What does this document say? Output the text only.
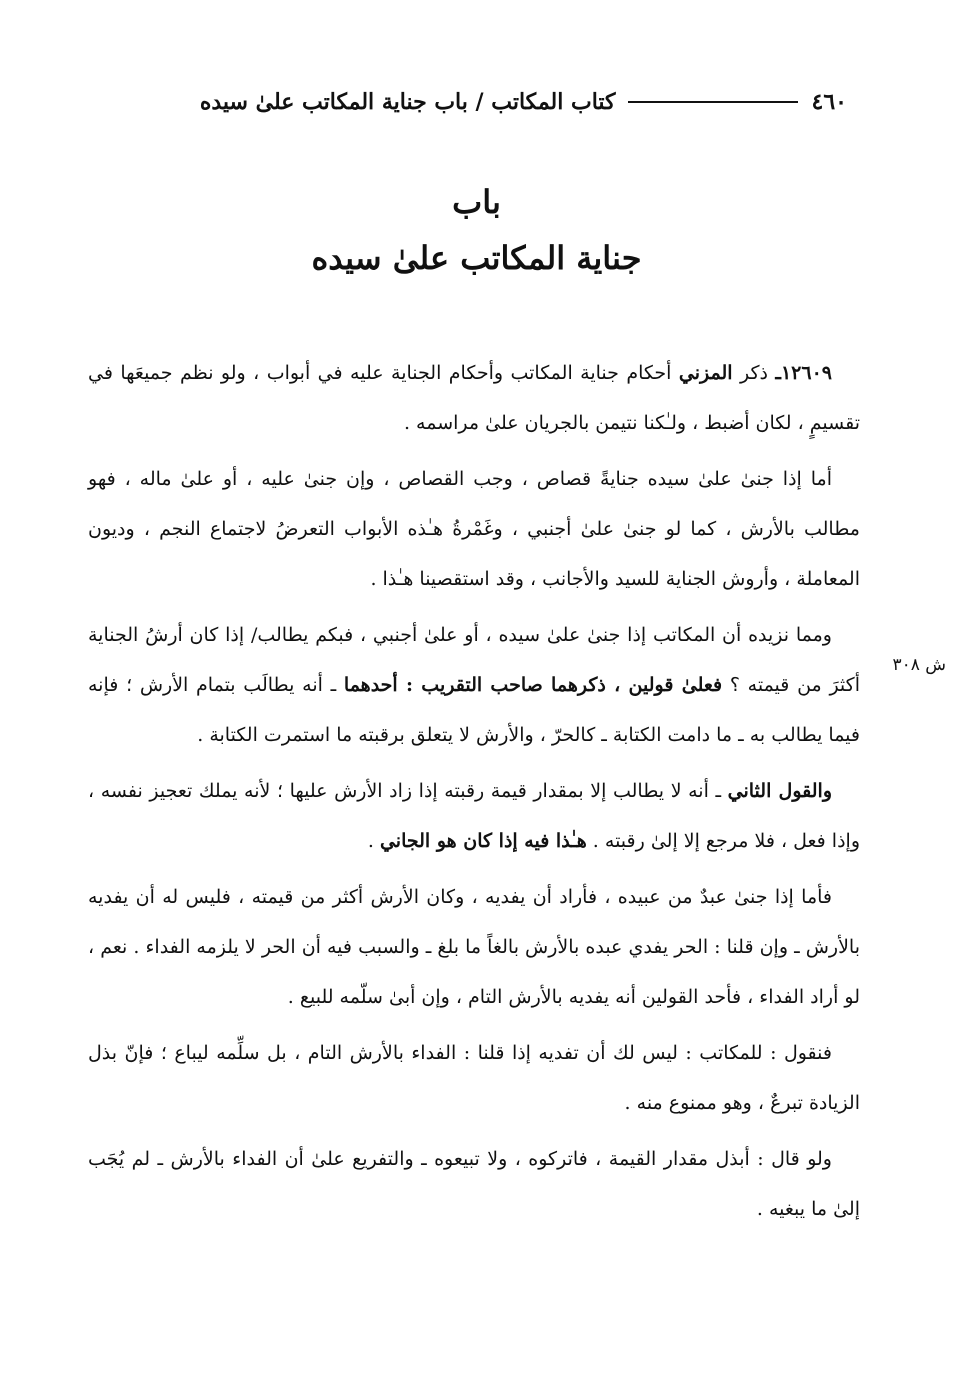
٤٦٠
كتاب المكاتب / باب جناية المكاتب علىٰ سيده
باب
جناية المكاتب علىٰ سيده
ش ٣٠٨

١٢٦٠٩ـ ذكر المزني أحكام جناية المكاتب وأحكام الجناية عليه في أبواب ، ولو نظم جميعَها في تقسيمٍ ، لكان أضبط ، ولـٰكنا نتيمن بالجريان علىٰ مراسمه .

أما إذا جنىٰ علىٰ سيده جنايةً قصاص ، وجب القصاص ، وإن جنىٰ عليه ، أو علىٰ ماله ، فهو مطالب بالأرش ، كما لو جنىٰ علىٰ أجنبي ، وغَمْرةُ هـٰذه الأبواب التعرضُ لاجتماع النجم ، وديون المعاملة ، وأروش الجناية للسيد والأجانب ، وقد استقصينا هـٰذا .

ومما نزيده أن المكاتب إذا جنىٰ علىٰ سيده ، أو علىٰ أجنبي ، فبكم يطالب/ إذا كان أرشُ الجناية أكثرَ من قيمته ؟ فعلىٰ قولين ، ذكرهما صاحب التقريب : أحدهما ـ أنه يطالَب بتمام الأرش ؛ فإنه فيما يطالب به ـ ما دامت الكتابة ـ كالحرّ ، والأرش لا يتعلق برقبته ما استمرت الكتابة .

والقول الثاني ـ أنه لا يطالب إلا بمقدار قيمة رقبته إذا زاد الأرش عليها ؛ لأنه يملك تعجيز نفسه ، وإذا فعل ، فلا مرجع إلا إلىٰ رقبته . هـٰذا فيه إذا كان هو الجاني .

فأما إذا جنىٰ عبدٌ من عبيده ، فأراد أن يفديه ، وكان الأرش أكثر من قيمته ، فليس له أن يفديه بالأرش ـ وإن قلنا : الحر يفدي عبده بالأرش بالغاً ما بلغ ـ والسبب فيه أن الحر لا يلزمه الفداء . نعم ، لو أراد الفداء ، فأحد القولين أنه يفديه بالأرش التام ، وإن أبىٰ سلّمه للبيع .

فنقول : للمكاتب : ليس لك أن تفديه إذا قلنا : الفداء بالأرش التام ، بل سلِّمه ليباع ؛ فإنّ بذل الزيادة تبرعٌ ، وهو ممنوع منه .

ولو قال : أبذل مقدار القيمة ، فاتركوه ، ولا تبيعوه ـ والتفريع علىٰ أن الفداء بالأرش ـ لم يُجَب إلىٰ ما يبغيه .
